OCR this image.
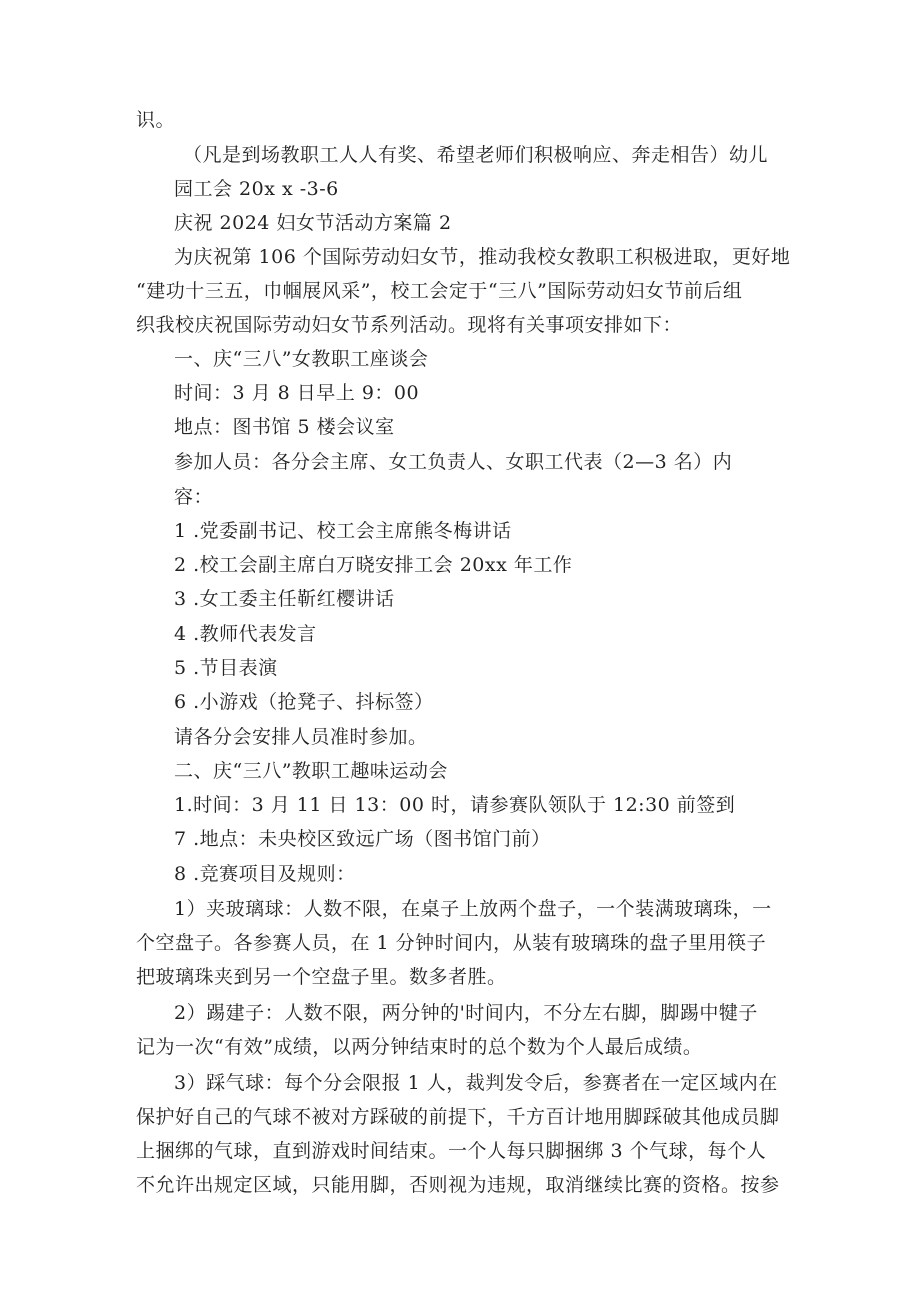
识。
（凡是到场教职工人人有奖、希望老师们积极响应、奔走相告）幼儿
园工会 20x x -3-6
庆祝 2024 妇女节活动方案篇 2
为庆祝第 106 个国际劳动妇女节，推动我校女教职工积极进取，更好地
“建功十三五，巾帼展风采”，校工会定于“三八”国际劳动妇女节前后组
织我校庆祝国际劳动妇女节系列活动。现将有关事项安排如下：
一、庆“三八”女教职工座谈会
时间：3 月 8 日早上 9：00
地点：图书馆 5 楼会议室
参加人员：各分会主席、女工负责人、女职工代表（2—3 名）内
容：
1 .党委副书记、校工会主席熊冬梅讲话
2 .校工会副主席白万晓安排工会 20xx 年工作
3 .女工委主任靳红樱讲话
4 .教师代表发言
5 .节目表演
6 .小游戏（抢凳子、抖标签）
请各分会安排人员准时参加。
二、庆“三八”教职工趣味运动会
1.时间：3 月 11 日 13：00 时，请参赛队领队于 12:30 前签到
7 .地点：未央校区致远广场（图书馆门前）
8 .竞赛项目及规则：
1）夹玻璃球：人数不限，在桌子上放两个盘子，一个装满玻璃珠，一
个空盘子。各参赛人员，在 1 分钟时间内，从装有玻璃珠的盘子里用筷子
把玻璃珠夹到另一个空盘子里。数多者胜。
2）踢建子：人数不限，两分钟的'时间内，不分左右脚，脚踢中犍子
记为一次“有效”成绩，以两分钟结束时的总个数为个人最后成绩。
3）踩气球：每个分会限报 1 人，裁判发令后，参赛者在一定区域内在
保护好自己的气球不被对方踩破的前提下，千方百计地用脚踩破其他成员脚
上捆绑的气球，直到游戏时间结束。一个人每只脚捆绑 3 个气球，每个人
不允许出规定区域，只能用脚，否则视为违规，取消继续比赛的资格。按参
